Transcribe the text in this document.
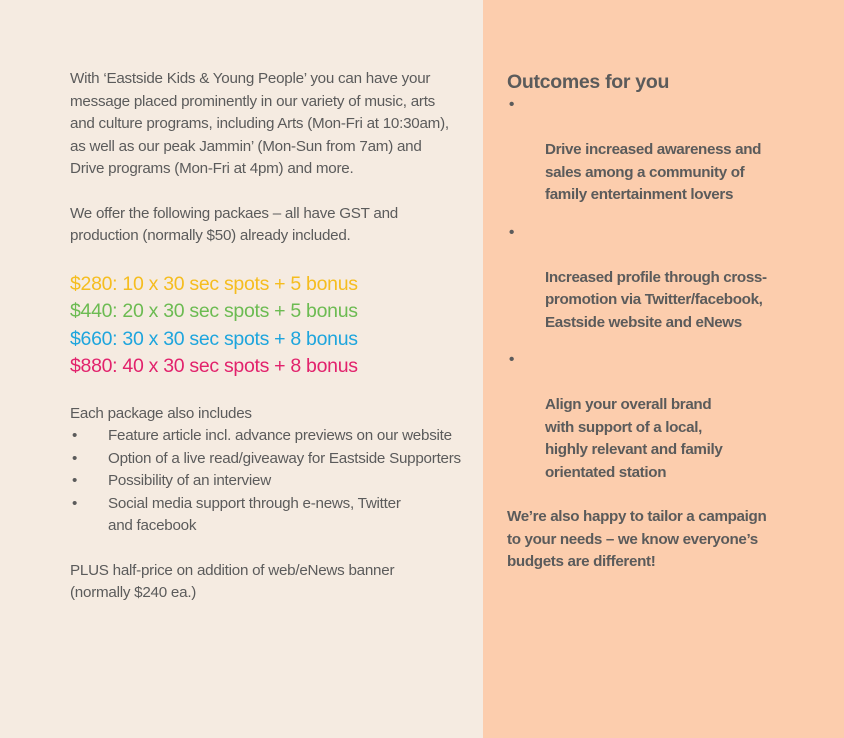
With ‘Eastside Kids & Young People’ you can have your

message placed prominently in our variety of music, arts

and culture programs, including Arts (Mon-Fri at 10:30am),

as well as our peak Jammin’ (Mon-Sun from 7am) and

Drive programs (Mon-Fri at 4pm) and more.

We offer the following packaes – all have GST and

production (normally $50) already included.

$280: 10 x 30 sec spots + 5 bonus
$440: 20 x 30 sec spots + 5 bonus
$660: 30 x 30 sec spots + 8 bonus
$880: 40 x 30 sec spots + 8 bonus

Each package also includes

• Feature article incl. advance previews on our website
• Option of a live read/giveaway for Eastside Supporters
• Possibility of an interview
• Social media support through e-news, Twitter
and facebook

PLUS half-price on addition of web/eNews banner

(normally $240 ea.)

Outcomes for you

•

Drive increased awareness and
sales among a community of
family entertainment lovers

•

Increased profile through cross-
promotion via Twitter/facebook,
Eastside website and eNews

•

Align your overall brand
with support of a local,
highly relevant and family
orientated station

We’re also happy to tailor a campaign
to your needs – we know everyone’s
budgets are different!
